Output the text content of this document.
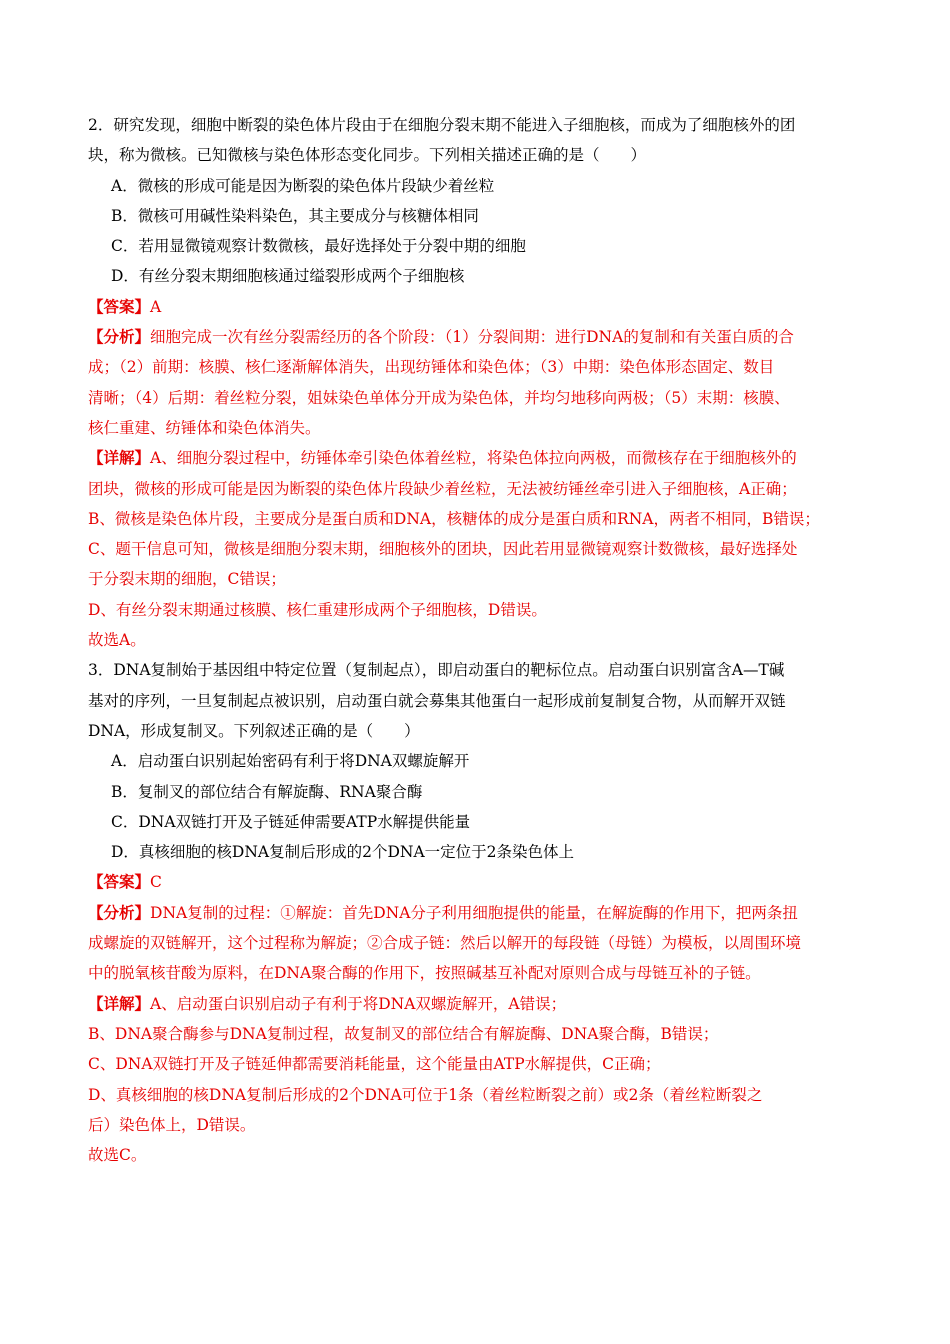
2．研究发现，细胞中断裂的染色体片段由于在细胞分裂末期不能进入子细胞核，而成为了细胞核外的团
块，称为微核。已知微核与染色体形态变化同步。下列相关描述正确的是（　　）
A．微核的形成可能是因为断裂的染色体片段缺少着丝粒
B．微核可用碱性染料染色，其主要成分与核糖体相同
C．若用显微镜观察计数微核，最好选择处于分裂中期的细胞
D．有丝分裂末期细胞核通过缢裂形成两个子细胞核
【答案】A
【分析】细胞完成一次有丝分裂需经历的各个阶段：（1）分裂间期：进行DNA的复制和有关蛋白质的合
成；（2）前期：核膜、核仁逐渐解体消失，出现纺锤体和染色体；（3）中期：染色体形态固定、数目
清晰；（4）后期：着丝粒分裂，姐妹染色单体分开成为染色体，并均匀地移向两极；（5）末期：核膜、
核仁重建、纺锤体和染色体消失。
【详解】A、细胞分裂过程中，纺锤体牵引染色体着丝粒，将染色体拉向两极，而微核存在于细胞核外的
团块，微核的形成可能是因为断裂的染色体片段缺少着丝粒，无法被纺锤丝牵引进入子细胞核，A正确；
B、微核是染色体片段，主要成分是蛋白质和DNA，核糖体的成分是蛋白质和RNA，两者不相同，B错误；
C、题干信息可知，微核是细胞分裂末期，细胞核外的团块，因此若用显微镜观察计数微核，最好选择处
于分裂末期的细胞，C错误；
D、有丝分裂末期通过核膜、核仁重建形成两个子细胞核，D错误。
故选A。
3．DNA复制始于基因组中特定位置（复制起点），即启动蛋白的靶标位点。启动蛋白识别富含A—T碱
基对的序列，一旦复制起点被识别，启动蛋白就会募集其他蛋白一起形成前复制复合物，从而解开双链
DNA，形成复制叉。下列叙述正确的是（　　）
A．启动蛋白识别起始密码有利于将DNA双螺旋解开
B．复制叉的部位结合有解旋酶、RNA聚合酶
C．DNA双链打开及子链延伸需要ATP水解提供能量
D．真核细胞的核DNA复制后形成的2个DNA一定位于2条染色体上
【答案】C
【分析】DNA复制的过程：①解旋：首先DNA分子利用细胞提供的能量，在解旋酶的作用下，把两条扭
成螺旋的双链解开，这个过程称为解旋；②合成子链：然后以解开的每段链（母链）为模板，以周围环境
中的脱氧核苷酸为原料，在DNA聚合酶的作用下，按照碱基互补配对原则合成与母链互补的子链。
【详解】A、启动蛋白识别启动子有利于将DNA双螺旋解开，A错误；
B、DNA聚合酶参与DNA复制过程，故复制叉的部位结合有解旋酶、DNA聚合酶，B错误；
C、DNA双链打开及子链延伸都需要消耗能量，这个能量由ATP水解提供，C正确；
D、真核细胞的核DNA复制后形成的2个DNA可位于1条（着丝粒断裂之前）或2条（着丝粒断裂之
后）染色体上，D错误。
故选C。
